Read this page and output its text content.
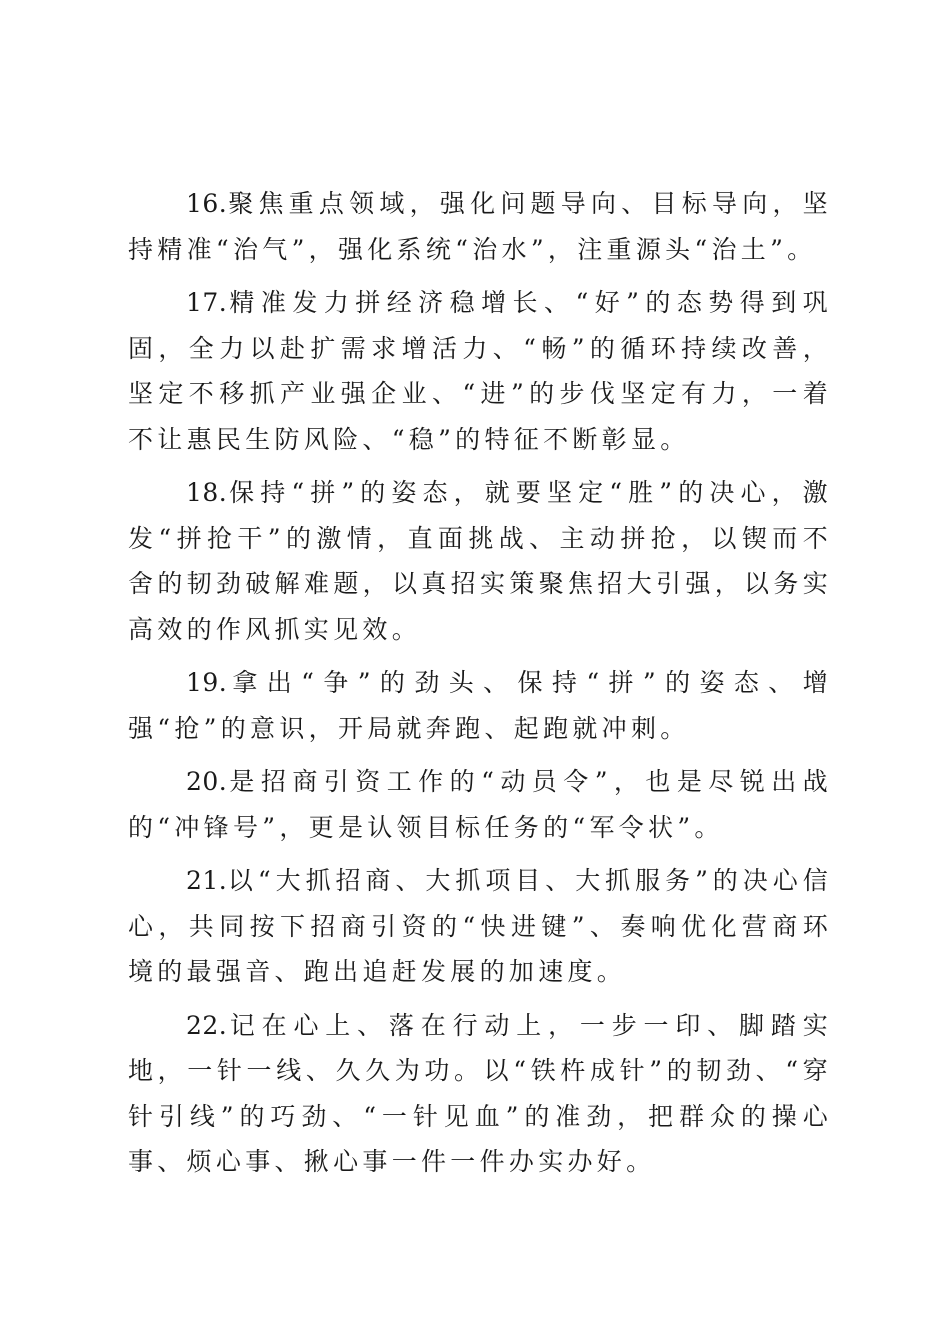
16.聚焦重点领域，强化问题导向、目标导向，坚持精准“治气”，强化系统“治水”，注重源头“治土”。

17.精准发力拼经济稳增长、“好”的态势得到巩固，全力以赴扩需求增活力、“畅”的循环持续改善，坚定不移抓产业强企业、“进”的步伐坚定有力，一着不让惠民生防风险、“稳”的特征不断彰显。

18.保持“拼”的姿态，就要坚定“胜”的决心，激发“拼抢干”的激情，直面挑战、主动拼抢，以锲而不舍的韧劲破解难题，以真招实策聚焦招大引强，以务实高效的作风抓实见效。

19.拿出“争”的劲头、保持“拼”的姿态、增强“抢”的意识，开局就奔跑、起跑就冲刺。

20.是招商引资工作的“动员令”，也是尽锐出战的“冲锋号”，更是认领目标任务的“军令状”。

21.以“大抓招商、大抓项目、大抓服务”的决心信心，共同按下招商引资的“快进键”、奏响优化营商环境的最强音、跑出追赶发展的加速度。

22.记在心上、落在行动上，一步一印、脚踏实地，一针一线、久久为功。以“铁杵成针”的韧劲、“穿针引线”的巧劲、“一针见血”的准劲，把群众的操心事、烦心事、揪心事一件一件办实办好。
